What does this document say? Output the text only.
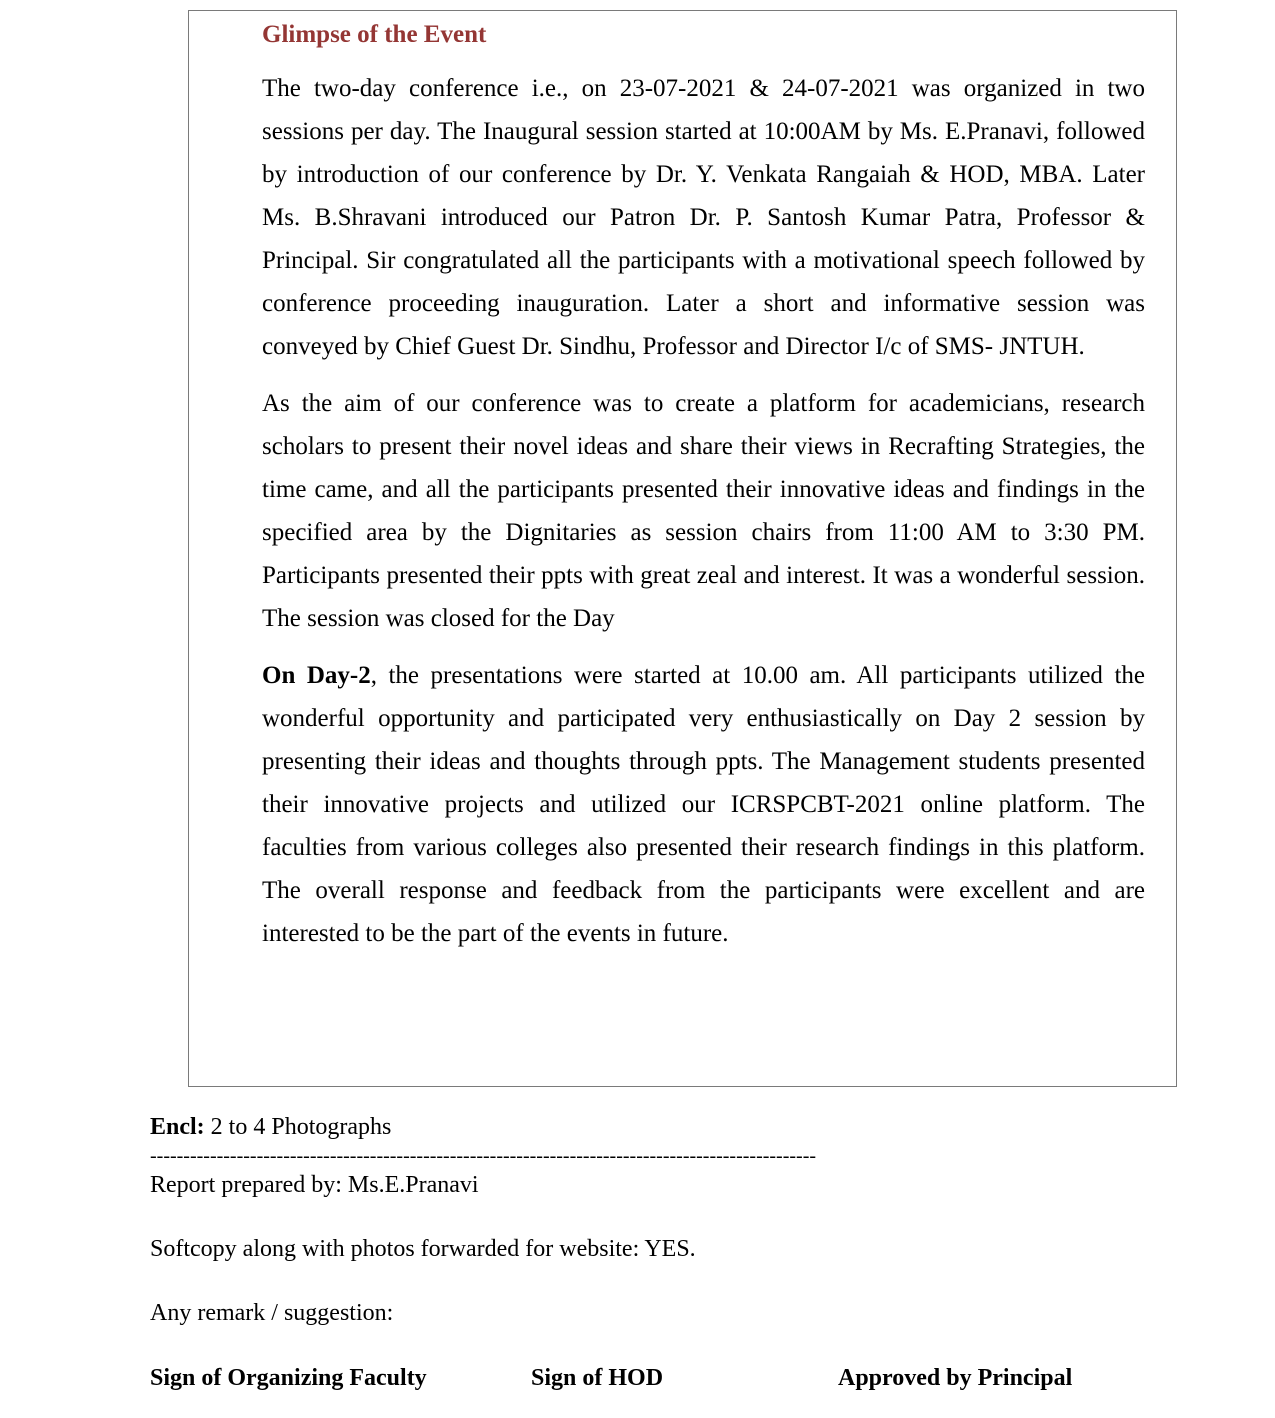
Glimpse of the Event

The two-day conference i.e., on 23-07-2021 & 24-07-2021 was organized in two sessions per day. The Inaugural session started at 10:00AM by Ms. E.Pranavi, followed by introduction of our conference by Dr. Y. Venkata Rangaiah & HOD, MBA. Later Ms. B.Shravani introduced our Patron Dr. P. Santosh Kumar Patra, Professor & Principal. Sir congratulated all the participants with a motivational speech followed by conference proceeding inauguration. Later a short and informative session was conveyed by Chief Guest Dr. Sindhu, Professor and Director I/c of SMS- JNTUH.

As the aim of our conference was to create a platform for academicians, research scholars to present their novel ideas and share their views in Recrafting Strategies, the time came, and all the participants presented their innovative ideas and findings in the specified area by the Dignitaries as session chairs from 11:00 AM to 3:30 PM. Participants presented their ppts with great zeal and interest. It was a wonderful session. The session was closed for the Day

On Day-2, the presentations were started at 10.00 am. All participants utilized the wonderful opportunity and participated very enthusiastically on Day 2 session by presenting their ideas and thoughts through ppts. The Management students presented their innovative projects and utilized our ICRSPCBT-2021 online platform. The faculties from various colleges also presented their research findings in this platform. The overall response and feedback from the participants were excellent and are interested to be the part of the events in future.

Encl: 2 to 4 Photographs
----------------------------------------------------------------------------------------------------
Report prepared by: Ms.E.Pranavi
Softcopy along with photos forwarded for website: YES.
Any remark / suggestion:
Sign of Organizing Faculty	Sign of HOD	Approved by Principal
